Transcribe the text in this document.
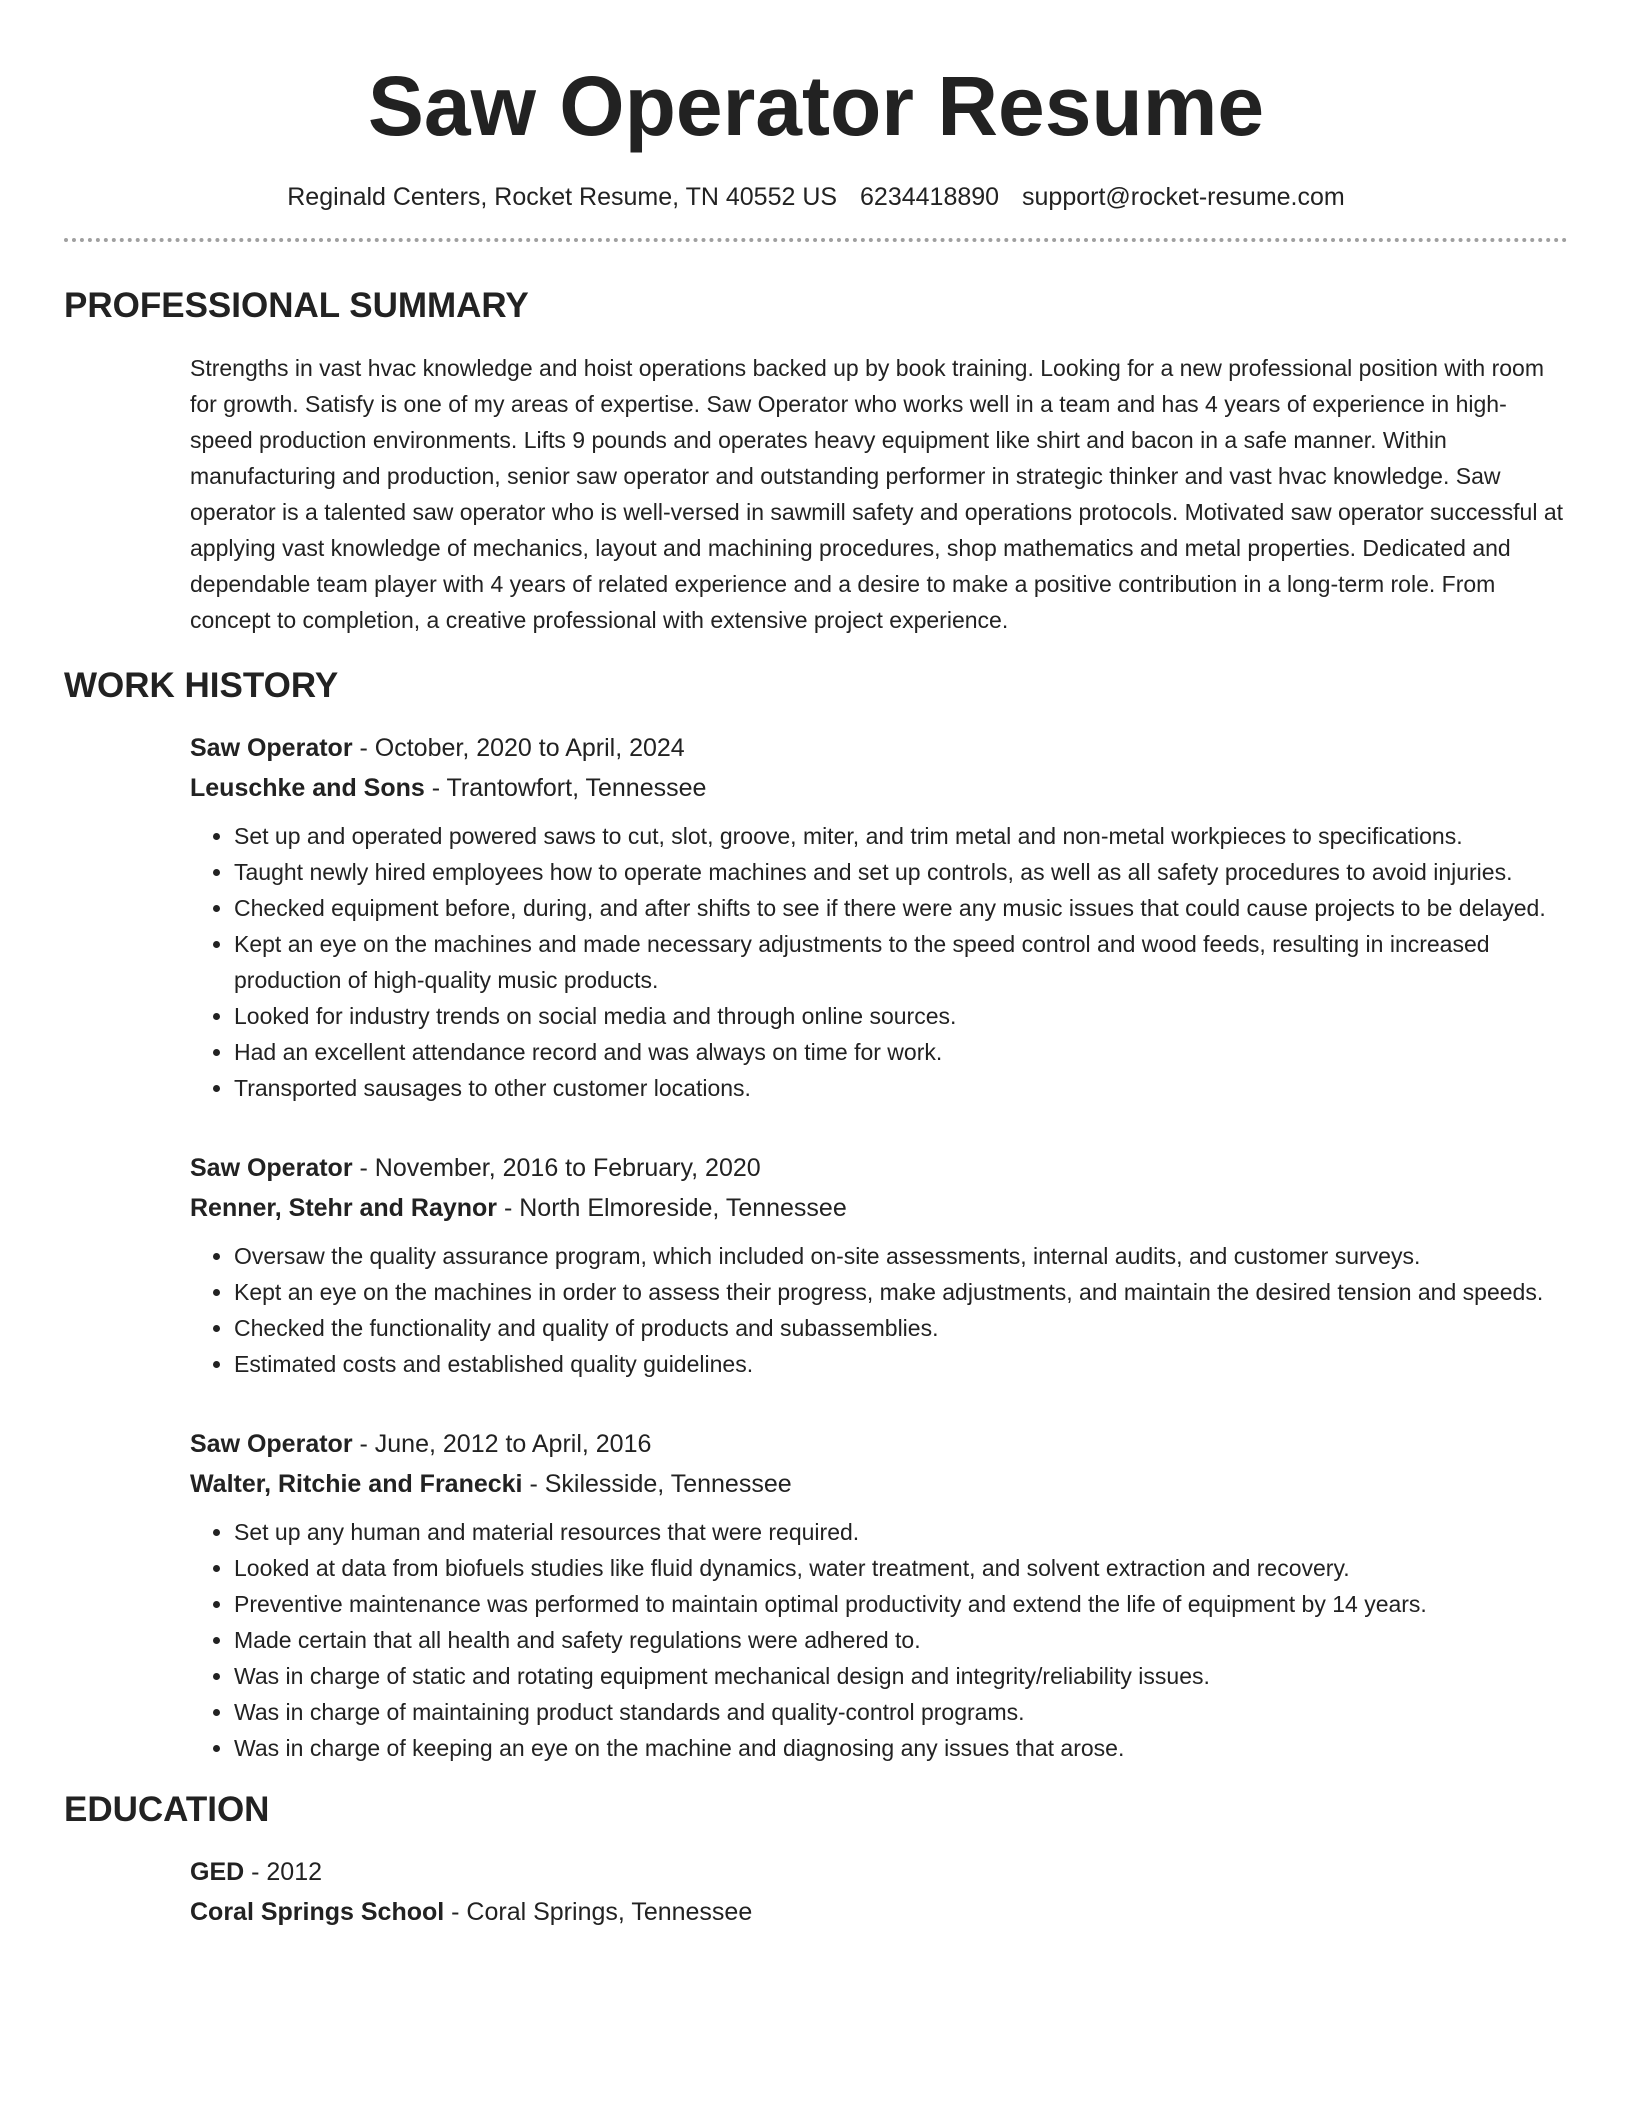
Saw Operator Resume
Reginald Centers, Rocket Resume, TN 40552 US 6234418890 support@rocket-resume.com
PROFESSIONAL SUMMARY

Strengths in vast hvac knowledge and hoist operations backed up by book training. Looking for a new professional position with room for growth. Satisfy is one of my areas of expertise. Saw Operator who works well in a team and has 4 years of experience in high-speed production environments. Lifts 9 pounds and operates heavy equipment like shirt and bacon in a safe manner. Within manufacturing and production, senior saw operator and outstanding performer in strategic thinker and vast hvac knowledge. Saw operator is a talented saw operator who is well-versed in sawmill safety and operations protocols. Motivated saw operator successful at applying vast knowledge of mechanics, layout and machining procedures, shop mathematics and metal properties. Dedicated and dependable team player with 4 years of related experience and a desire to make a positive contribution in a long-term role. From concept to completion, a creative professional with extensive project experience.

WORK HISTORY
Saw Operator - October, 2020 to April, 2024
Leuschke and Sons - Trantowfort, Tennessee
• Set up and operated powered saws to cut, slot, groove, miter, and trim metal and non-metal workpieces to specifications.
• Taught newly hired employees how to operate machines and set up controls, as well as all safety procedures to avoid injuries.
• Checked equipment before, during, and after shifts to see if there were any music issues that could cause projects to be delayed.
• Kept an eye on the machines and made necessary adjustments to the speed control and wood feeds, resulting in increased production of high-quality music products.
• Looked for industry trends on social media and through online sources.
• Had an excellent attendance record and was always on time for work.
• Transported sausages to other customer locations.
Saw Operator - November, 2016 to February, 2020
Renner, Stehr and Raynor - North Elmoreside, Tennessee
• Oversaw the quality assurance program, which included on-site assessments, internal audits, and customer surveys.
• Kept an eye on the machines in order to assess their progress, make adjustments, and maintain the desired tension and speeds.
• Checked the functionality and quality of products and subassemblies.
• Estimated costs and established quality guidelines.
Saw Operator - June, 2012 to April, 2016
Walter, Ritchie and Franecki - Skilesside, Tennessee
• Set up any human and material resources that were required.
• Looked at data from biofuels studies like fluid dynamics, water treatment, and solvent extraction and recovery.
• Preventive maintenance was performed to maintain optimal productivity and extend the life of equipment by 14 years.
• Made certain that all health and safety regulations were adhered to.
• Was in charge of static and rotating equipment mechanical design and integrity/reliability issues.
• Was in charge of maintaining product standards and quality-control programs.
• Was in charge of keeping an eye on the machine and diagnosing any issues that arose.
EDUCATION
GED - 2012
Coral Springs School - Coral Springs, Tennessee
